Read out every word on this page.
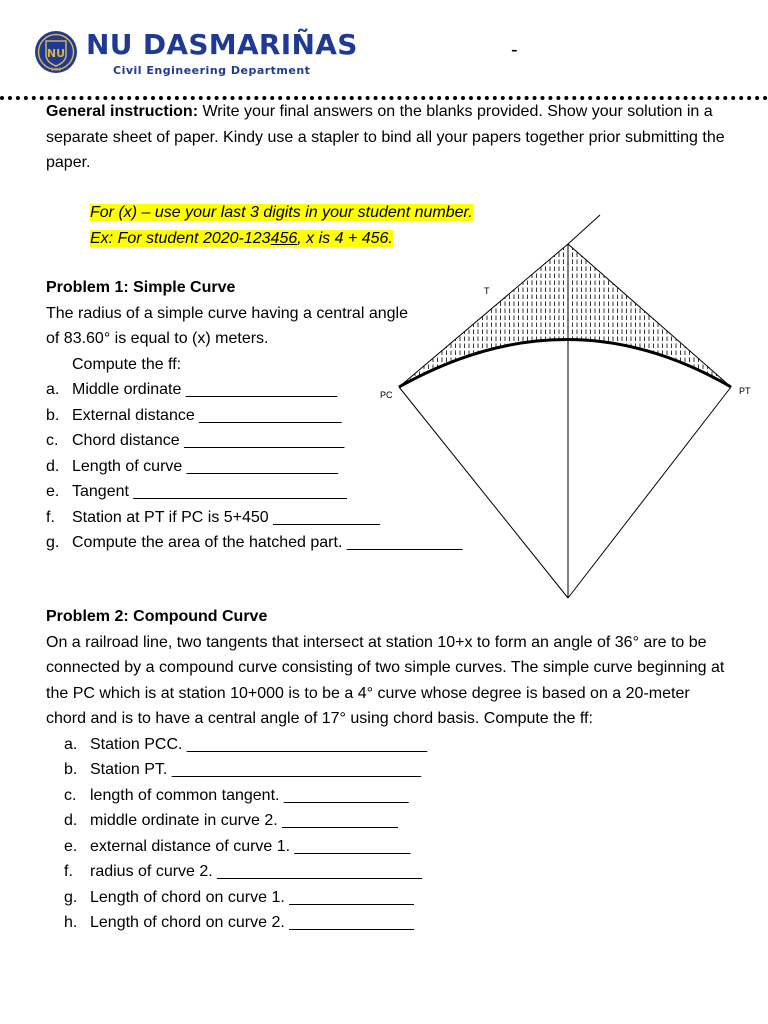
NU
1900
NU DASMARIÑAS
Civil Engineering Department
-
General instruction: Write your final answers on the blanks provided. Show your solution in a separate sheet of paper. Kindy use a stapler to bind all your papers together prior submitting the paper.
For (x) – use your last 3 digits in your student number.
Ex: For student 2020-123456, x is 4 + 456.
Problem 1: Simple Curve
The radius of a simple curve having a central angle
of 83.60° is equal to (x) meters.
Compute the ff:
a. Middle ordinate _________________
b. External distance ________________
c. Chord distance __________________
d. Length of curve _________________
e. Tangent ________________________
f. Station at PT if PC is 5+450 ____________
g. Compute the area of the hatched part. _____________
T
PC	PT
Problem 2: Compound Curve
On a railroad line, two tangents that intersect at station 10+x to form an angle of 36° are to be connected by a compound curve consisting of two simple curves. The simple curve beginning at the PC which is at station 10+000 is to be a 4° curve whose degree is based on a 20-meter chord and is to have a central angle of 17° using chord basis. Compute the ff:
a. Station PCC. ___________________________
b. Station PT. ____________________________
c. length of common tangent. ______________
d. middle ordinate in curve 2. _____________
e. external distance of curve 1. _____________
f. radius of curve 2. _______________________
g. Length of chord on curve 1. ______________
h. Length of chord on curve 2. ______________
